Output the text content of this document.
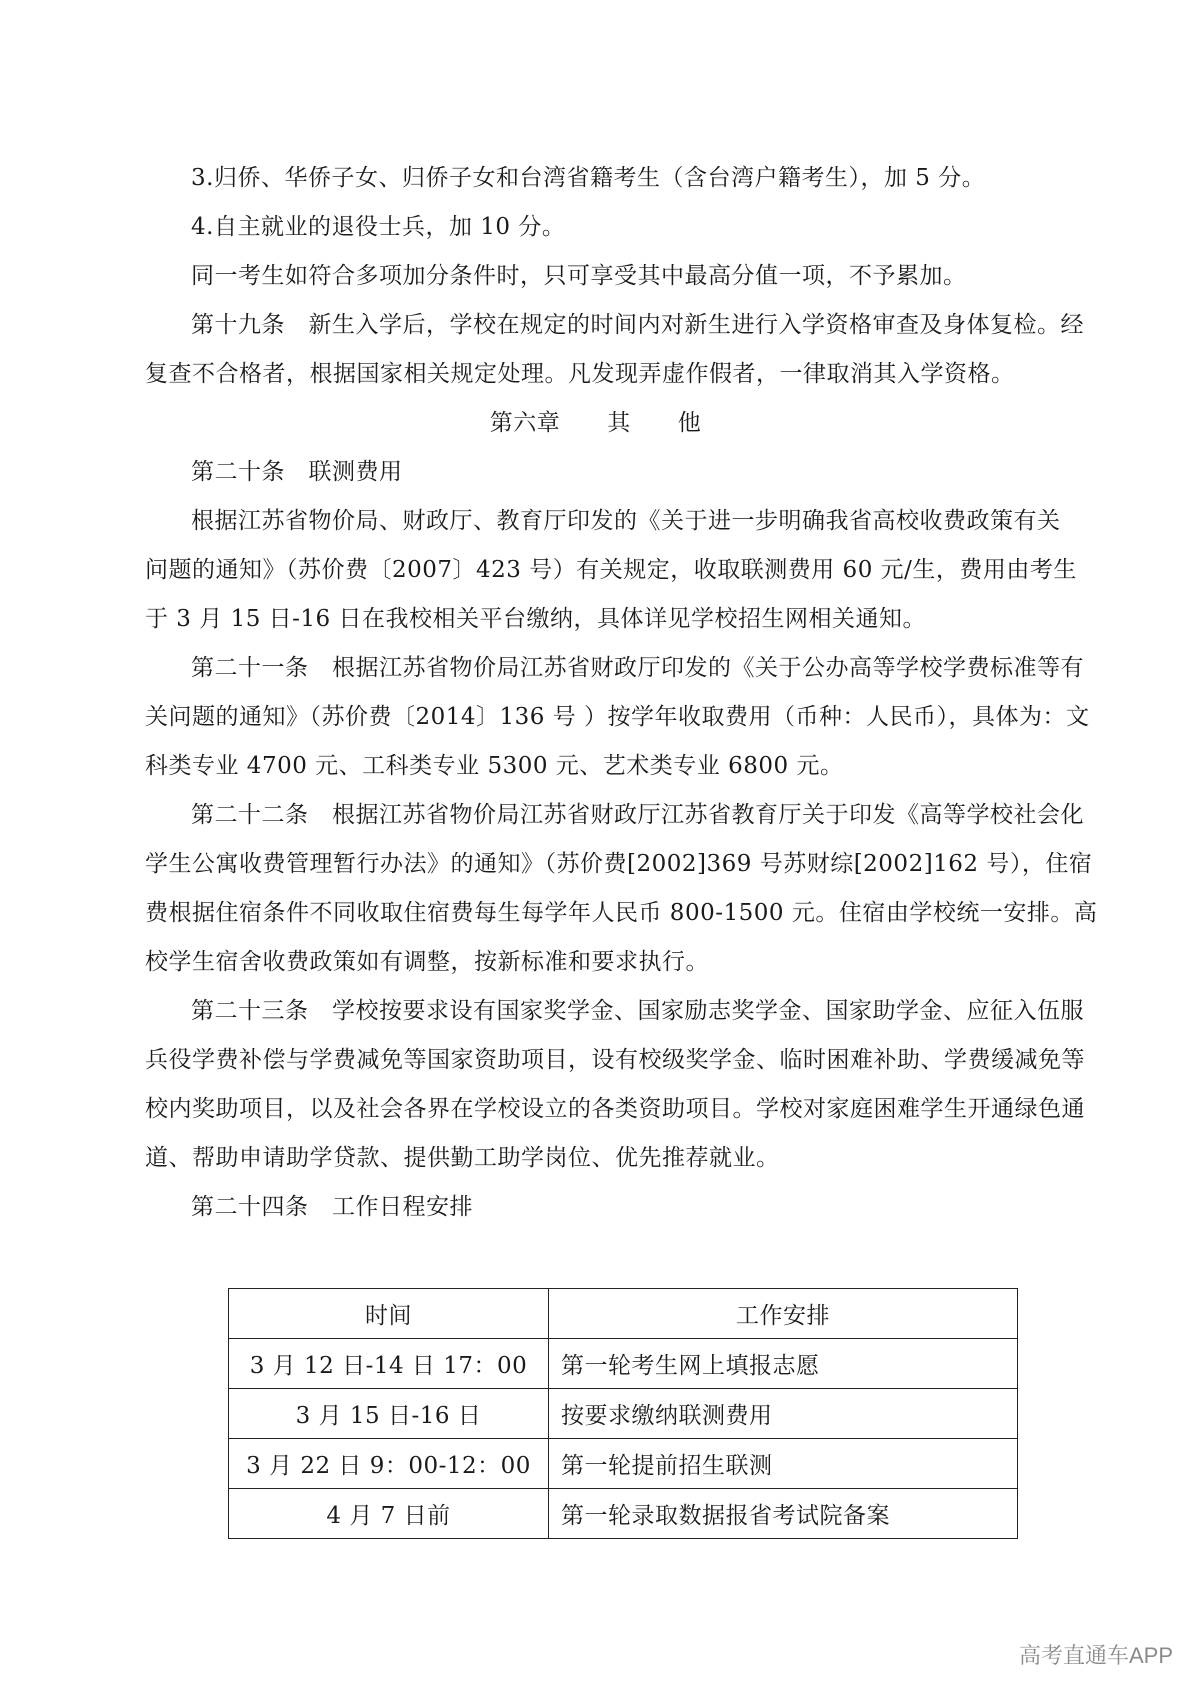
3.归侨、华侨子女、归侨子女和台湾省籍考生（含台湾户籍考生），加 5 分。
4.自主就业的退役士兵，加 10 分。
同一考生如符合多项加分条件时，只可享受其中最高分值一项，不予累加。
第十九条　新生入学后，学校在规定的时间内对新生进行入学资格审查及身体复检。经
复查不合格者，根据国家相关规定处理。凡发现弄虚作假者，一律取消其入学资格。
第六章　　其　　他
第二十条　联测费用
根据江苏省物价局、财政厅、教育厅印发的《关于进一步明确我省高校收费政策有关
问题的通知》（苏价费〔2007〕423 号）有关规定，收取联测费用 60 元/生，费用由考生
于 3 月 15 日-16 日在我校相关平台缴纳，具体详见学校招生网相关通知。
第二十一条　根据江苏省物价局江苏省财政厅印发的《关于公办高等学校学费标准等有
关问题的通知》（苏价费〔2014〕136 号 ）按学年收取费用（币种：人民币），具体为：文
科类专业 4700 元、工科类专业 5300 元、艺术类专业 6800 元。
第二十二条　根据江苏省物价局江苏省财政厅江苏省教育厅关于印发《高等学校社会化
学生公寓收费管理暂行办法》的通知》（苏价费[2002]369 号苏财综[2002]162 号），住宿
费根据住宿条件不同收取住宿费每生每学年人民币 800-1500 元。住宿由学校统一安排。高
校学生宿舍收费政策如有调整，按新标准和要求执行。
第二十三条　学校按要求设有国家奖学金、国家励志奖学金、国家助学金、应征入伍服
兵役学费补偿与学费减免等国家资助项目，设有校级奖学金、临时困难补助、学费缓减免等
校内奖助项目，以及社会各界在学校设立的各类资助项目。学校对家庭困难学生开通绿色通
道、帮助申请助学贷款、提供勤工助学岗位、优先推荐就业。
第二十四条　工作日程安排
时间	工作安排
3 月 12 日-14 日 17：00	第一轮考生网上填报志愿
3 月 15 日-16 日	按要求缴纳联测费用
3 月 22 日 9：00-12：00	第一轮提前招生联测
4 月 7 日前	第一轮录取数据报省考试院备案
高考直通车APP
